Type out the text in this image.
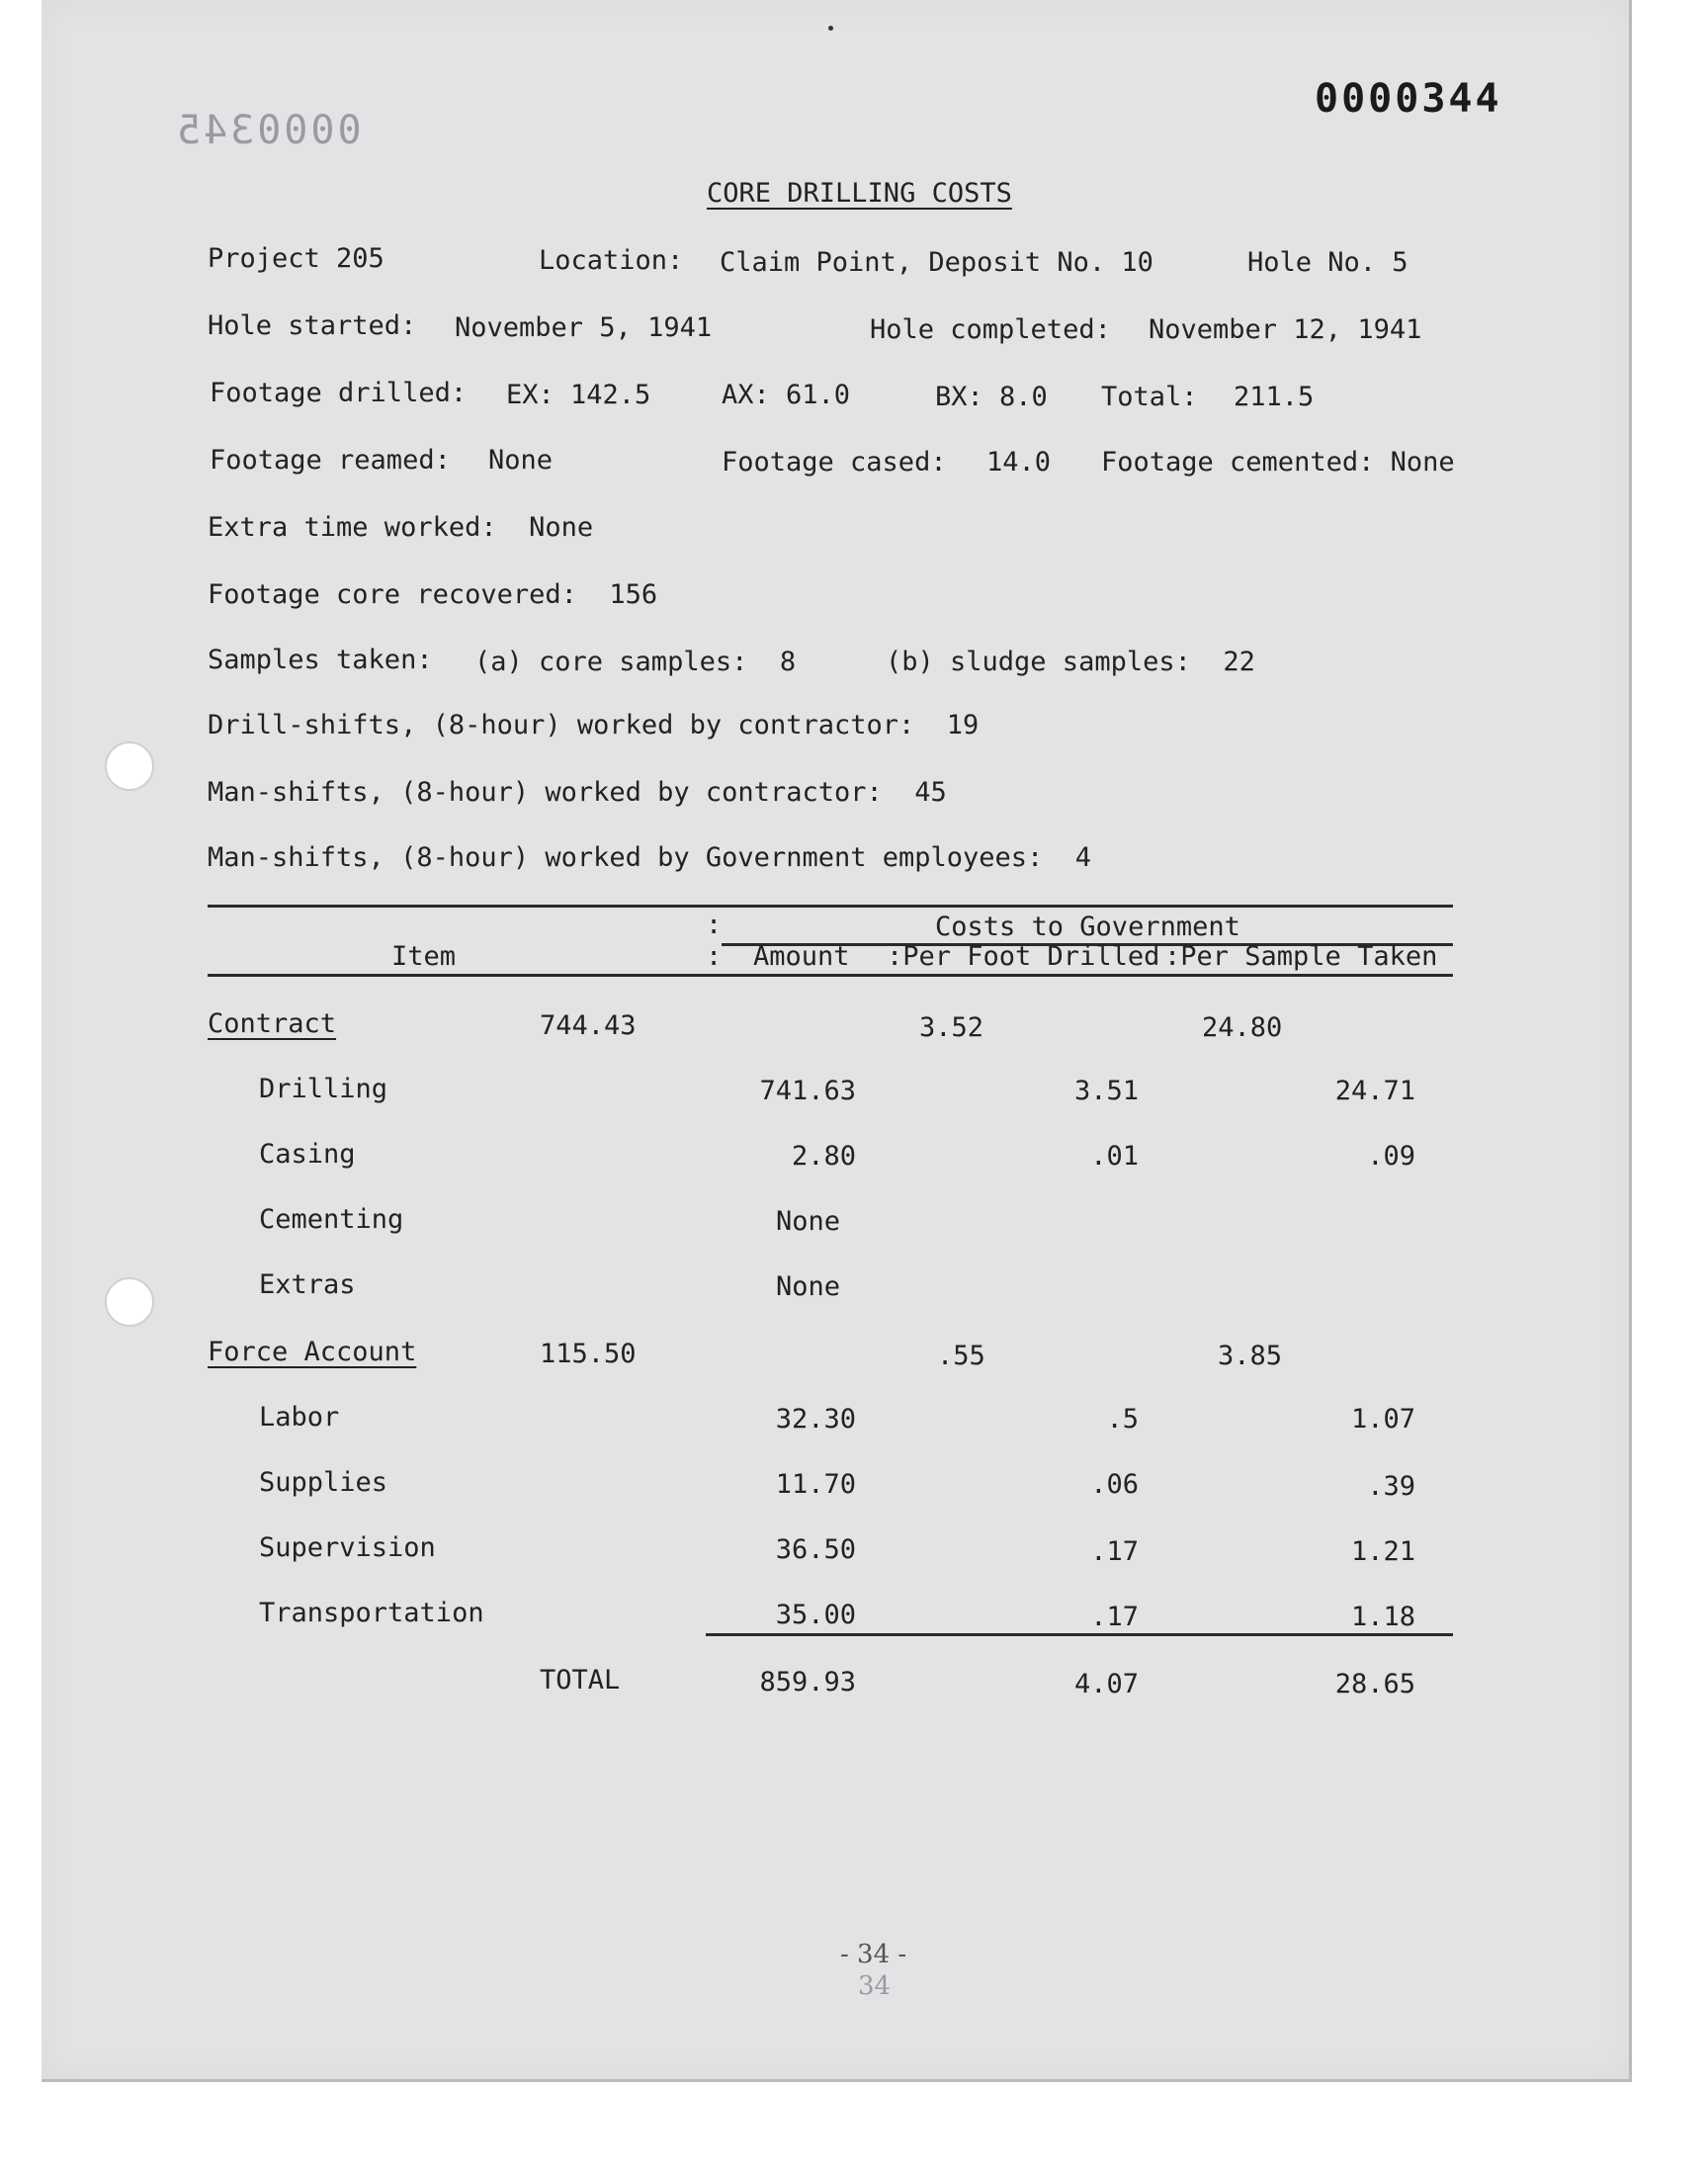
0000344
0000345
CORE DRILLING COSTS
Project 205	Location: Claim Point, Deposit No. 10	Hole No. 5
Hole started: November 5, 1941	Hole completed: November 12, 1941
Footage drilled: EX: 142.5	AX: 61.0	BX: 8.0 Total: 211.5
Footage reamed: None	Footage cased: 14.0 Footage cemented: None
Extra time worked:  None
Footage core recovered:  156
Samples taken: (a) core samples:  8	(b) sludge samples:  22
Drill-shifts, (8-hour) worked by contractor:  19
Man-shifts, (8-hour) worked by contractor:  45
Man-shifts, (8-hour) worked by Government employees:  4
:	Costs to Government
Item	: Amount :Per Foot Drilled :Per Sample Taken
Contract	744.43	3.52	24.80
Drilling	741.63	3.51	24.71
Casing	2.80	.01	.09
Cementing	None
Extras	None
Force Account	115.50	.55	3.85
Labor	32.30	.5	1.07
Supplies	11.70	.06	.39
Supervision	36.50	.17	1.21
Transportation	35.00	.17	1.18
TOTAL	859.93	4.07	28.65
- 34 -
34
